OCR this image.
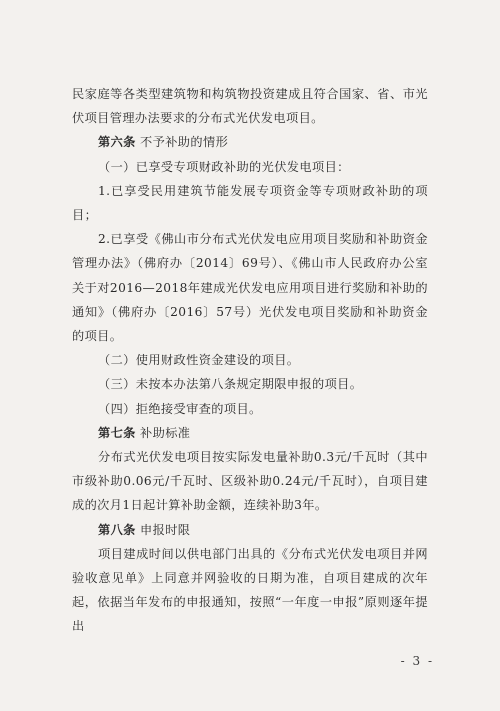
民家庭等各类型建筑物和构筑物投资建成且符合国家、省、市光伏项目管理办法要求的分布式光伏发电项目。

第六条 不予补助的情形

（一）已享受专项财政补助的光伏发电项目：

1.已享受民用建筑节能发展专项资金等专项财政补助的项目；

2.已享受《佛山市分布式光伏发电应用项目奖励和补助资金管理办法》（佛府办〔2014〕69号）、《佛山市人民政府办公室关于对2016—2018年建成光伏发电应用项目进行奖励和补助的通知》（佛府办〔2016〕57号）光伏发电项目奖励和补助资金的项目。

（二）使用财政性资金建设的项目。

（三）未按本办法第八条规定期限申报的项目。

（四）拒绝接受审查的项目。

第七条 补助标准

分布式光伏发电项目按实际发电量补助0.3元/千瓦时（其中市级补助0.06元/千瓦时、区级补助0.24元/千瓦时），自项目建成的次月1日起计算补助金额，连续补助3年。

第八条 申报时限

项目建成时间以供电部门出具的《分布式光伏发电项目并网验收意见单》上同意并网验收的日期为准，自项目建成的次年起，依据当年发布的申报通知，按照“一年度一申报”原则逐年提出

- 3 -
